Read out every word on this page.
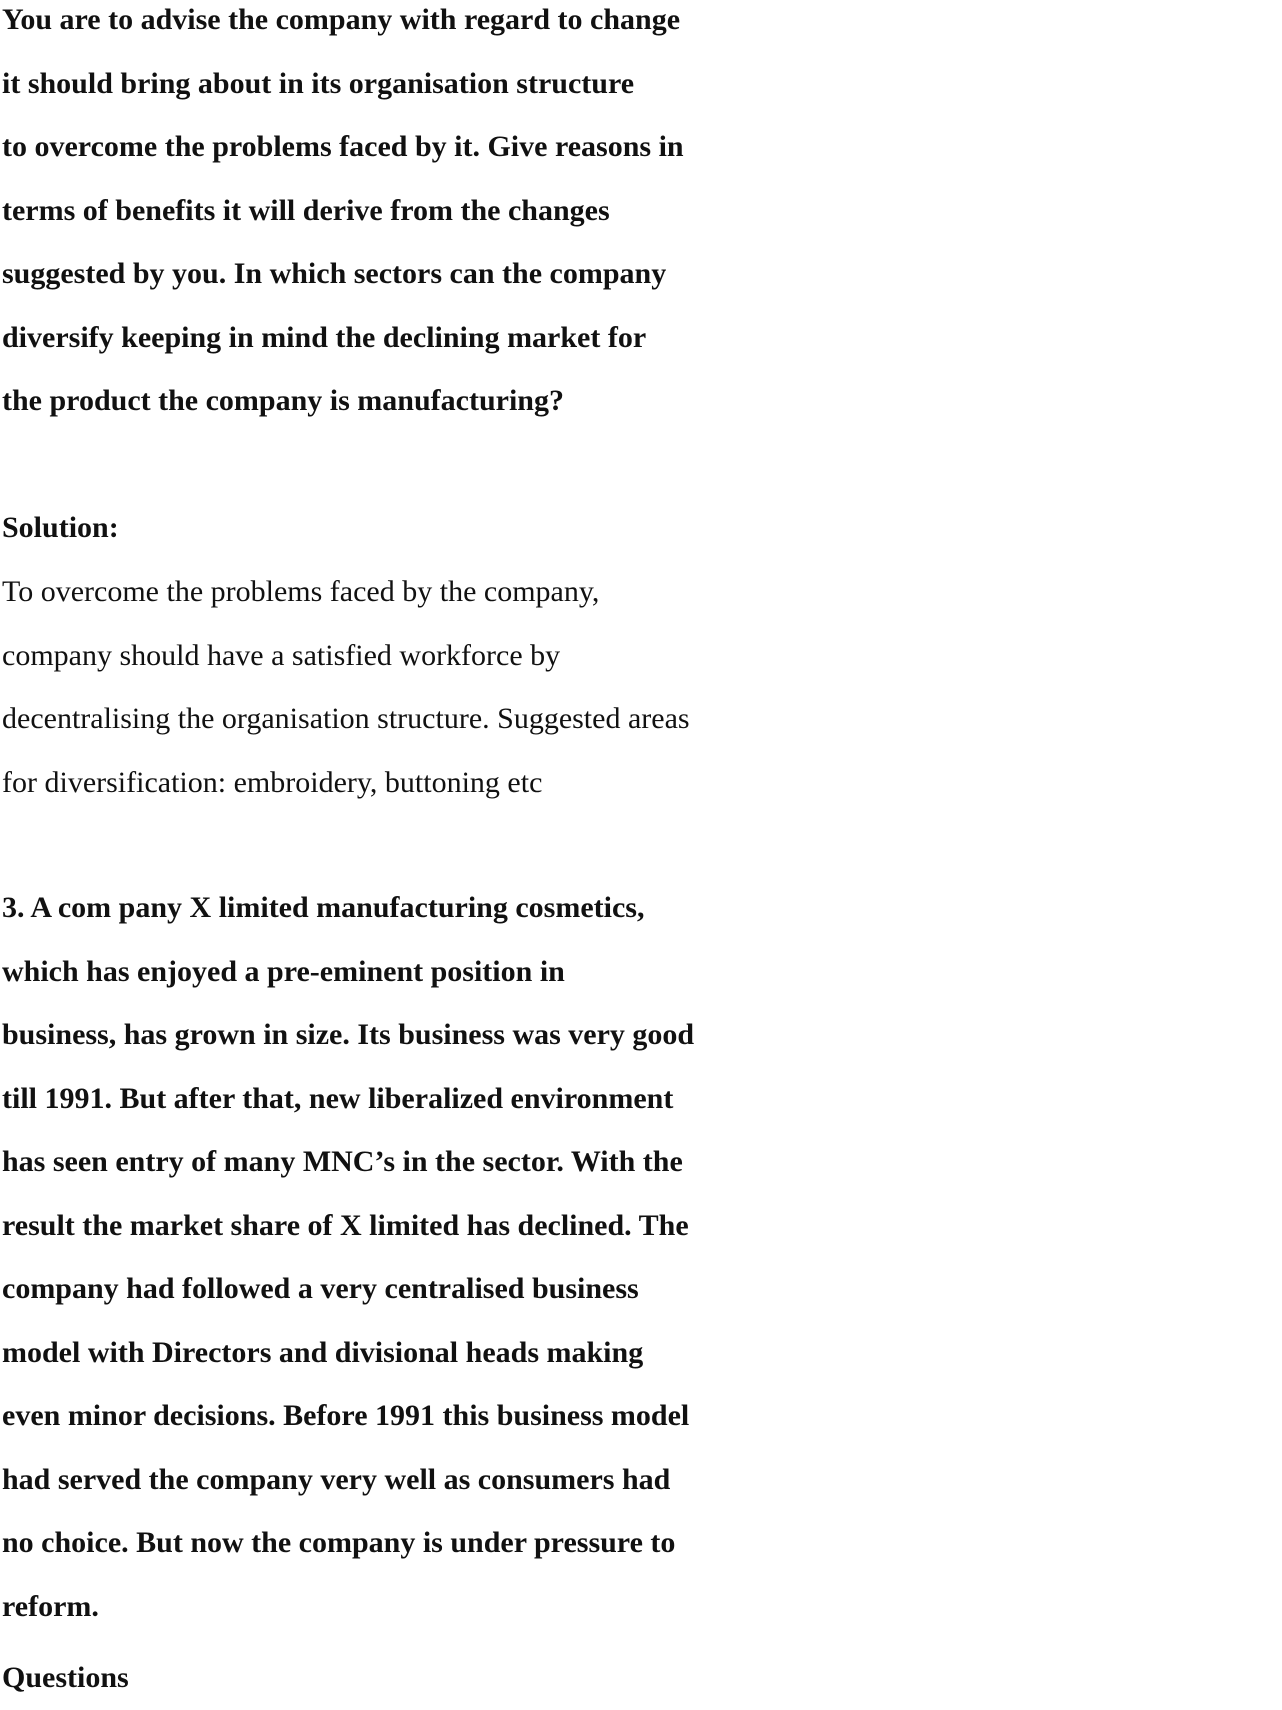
You are to advise the company with regard to change
it should bring about in its organisation structure
to overcome the problems faced by it. Give reasons in
terms of benefits it will derive from the changes
suggested by you. In which sectors can the company
diversify keeping in mind the declining market for
the product the company is manufacturing?
Solution:
To overcome the problems faced by the company,
company should have a satisfied workforce by
decentralising the organisation structure. Suggested areas
for diversification: embroidery, buttoning etc
3. A com pany X limited manufacturing cosmetics,
which has enjoyed a pre-eminent position in
business, has grown in size. Its business was very good
till 1991. But after that, new liberalized environment
has seen entry of many MNC’s in the sector. With the
result the market share of X limited has declined. The
company had followed a very centralised business
model with Directors and divisional heads making
even minor decisions. Before 1991 this business model
had served the company very well as consumers had
no choice. But now the company is under pressure to
reform.
Questions
